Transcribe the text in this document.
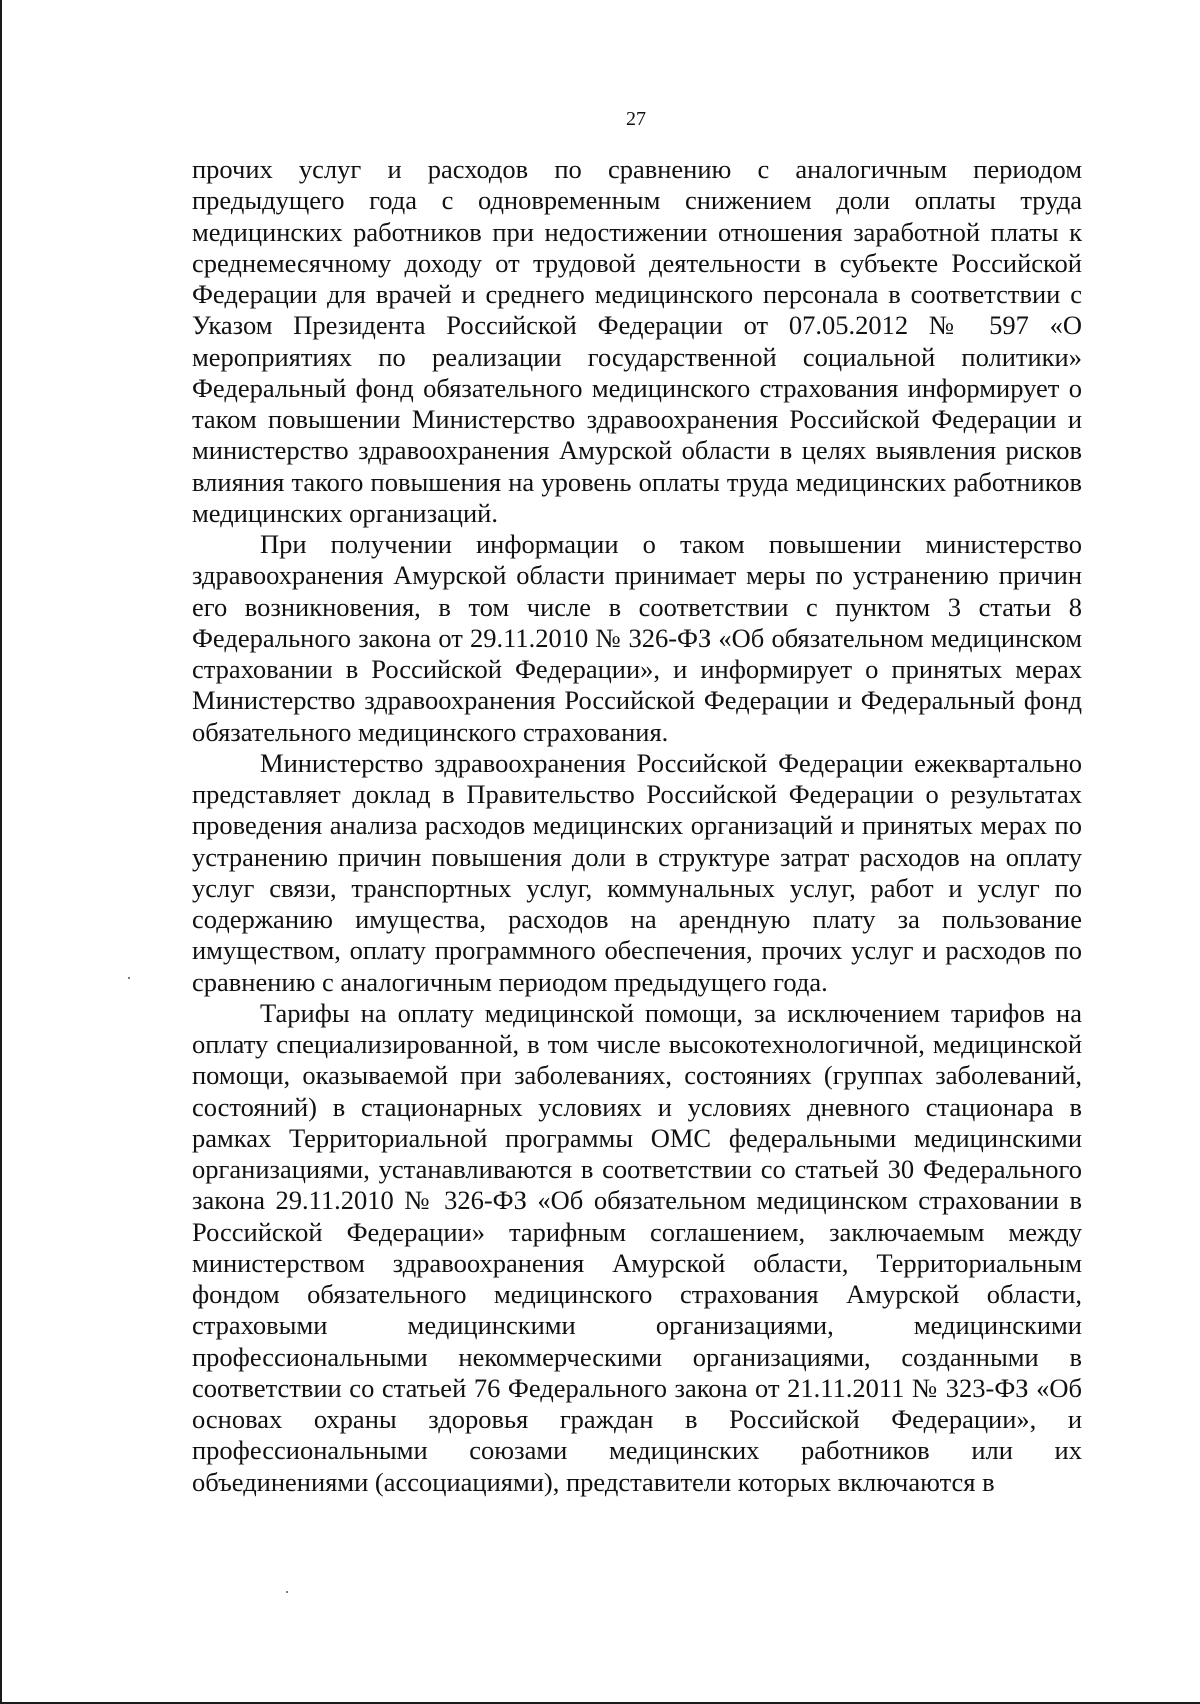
27

прочих услуг и расходов по сравнению с аналогичным периодом предыдущего года с одновременным снижением доли оплаты труда медицинских работников при недостижении отношения заработной платы к среднемесячному доходу от трудовой деятельности в субъекте Российской Федерации для врачей и среднего медицинского персонала в соответствии с Указом Президента Российской Федерации от 07.05.2012 № 597 «О мероприятиях по реализации государственной социальной политики» Федеральный фонд обязательного медицинского страхования информирует о таком повышении Министерство здравоохранения Российской Федерации и министерство здравоохранения Амурской области в целях выявления рисков влияния такого повышения на уровень оплаты труда медицинских работников медицинских организаций.

При получении информации о таком повышении министерство здравоохранения Амурской области принимает меры по устранению причин его возникновения, в том числе в соответствии с пунктом 3 статьи 8 Федерального закона от 29.11.2010 № 326-ФЗ «Об обязательном медицинском страховании в Российской Федерации», и информирует о принятых мерах Министерство здравоохранения Российской Федерации и Федеральный фонд обязательного медицинского страхования.

Министерство здравоохранения Российской Федерации ежеквартально представляет доклад в Правительство Российской Федерации о результатах проведения анализа расходов медицинских организаций и принятых мерах по устранению причин повышения доли в структуре затрат расходов на оплату услуг связи, транспортных услуг, коммунальных услуг, работ и услуг по содержанию имущества, расходов на арендную плату за пользование имуществом, оплату программного обеспечения, прочих услуг и расходов по сравнению с аналогичным периодом предыдущего года.

Тарифы на оплату медицинской помощи, за исключением тарифов на оплату специализированной, в том числе высокотехнологичной, медицинской помощи, оказываемой при заболеваниях, состояниях (группах заболеваний, состояний) в стационарных условиях и условиях дневного стационара в рамках Территориальной программы ОМС федеральными медицинскими организациями, устанавливаются в соответствии со статьей 30 Федерального закона 29.11.2010 № 326-ФЗ «Об обязательном медицинском страховании в Российской Федерации» тарифным соглашением, заключаемым между министерством здравоохранения Амурской области, Территориальным фондом обязательного медицинского страхования Амурской области, страховыми медицинскими организациями, медицинскими профессиональными некоммерческими организациями, созданными в соответствии со статьей 76 Федерального закона от 21.11.2011 № 323-ФЗ «Об основах охраны здоровья граждан в Российской Федерации», и профессиональными союзами медицинских работников или их объединениями (ассоциациями), представители которых включаются в
